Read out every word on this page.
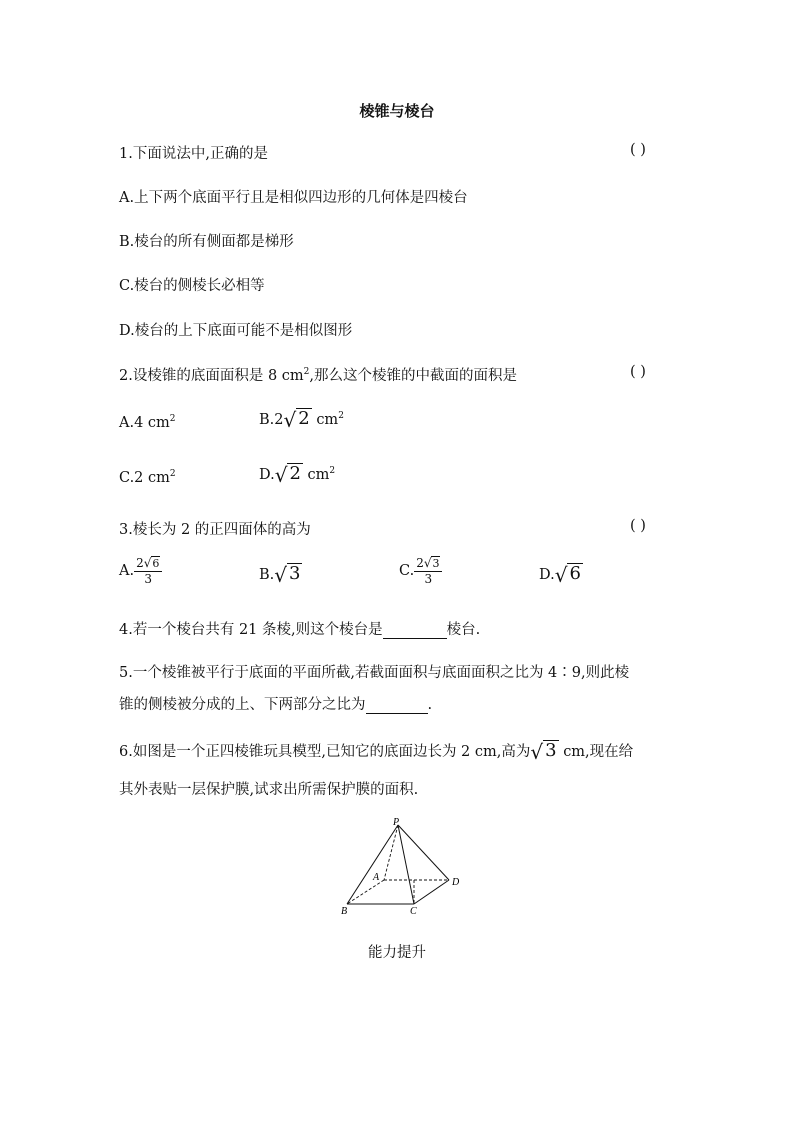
棱锥与棱台
1.下面说法中,正确的是	( )
A.上下两个底面平行且是相似四边形的几何体是四棱台
B.棱台的所有侧面都是梯形
C.棱台的侧棱长必相等
D.棱台的上下底面可能不是相似图形
2.设棱锥的底面面积是 8 $cm^2$,那么这个棱锥的中截面的面积是	( )
A.4 $cm^2$	B.2√ 2 $cm^2$
C.2 $cm^2$	D.√ 2 $cm^2$
3.棱长为 2 的正四面体的高为	( )
A. $\frac{2√6}{3}$	B.√ 3	C. $\frac{2√3}{3}$	D.√ 6
4.若一个棱台共有 21 条棱,则这个棱台是	棱台.
5.一个棱锥被平行于底面的平面所截,若截面面积与底面面积之比为 4∶9,则此棱
锥的侧棱被分成的上、下两部分之比为	.
6.如图是一个正四棱锥玩具模型,已知它的底面边长为 2 cm,高为√ 3 cm,现在给
其外表贴一层保护膜,试求出所需保护膜的面积.
P
A
B	C
D
能力提升
